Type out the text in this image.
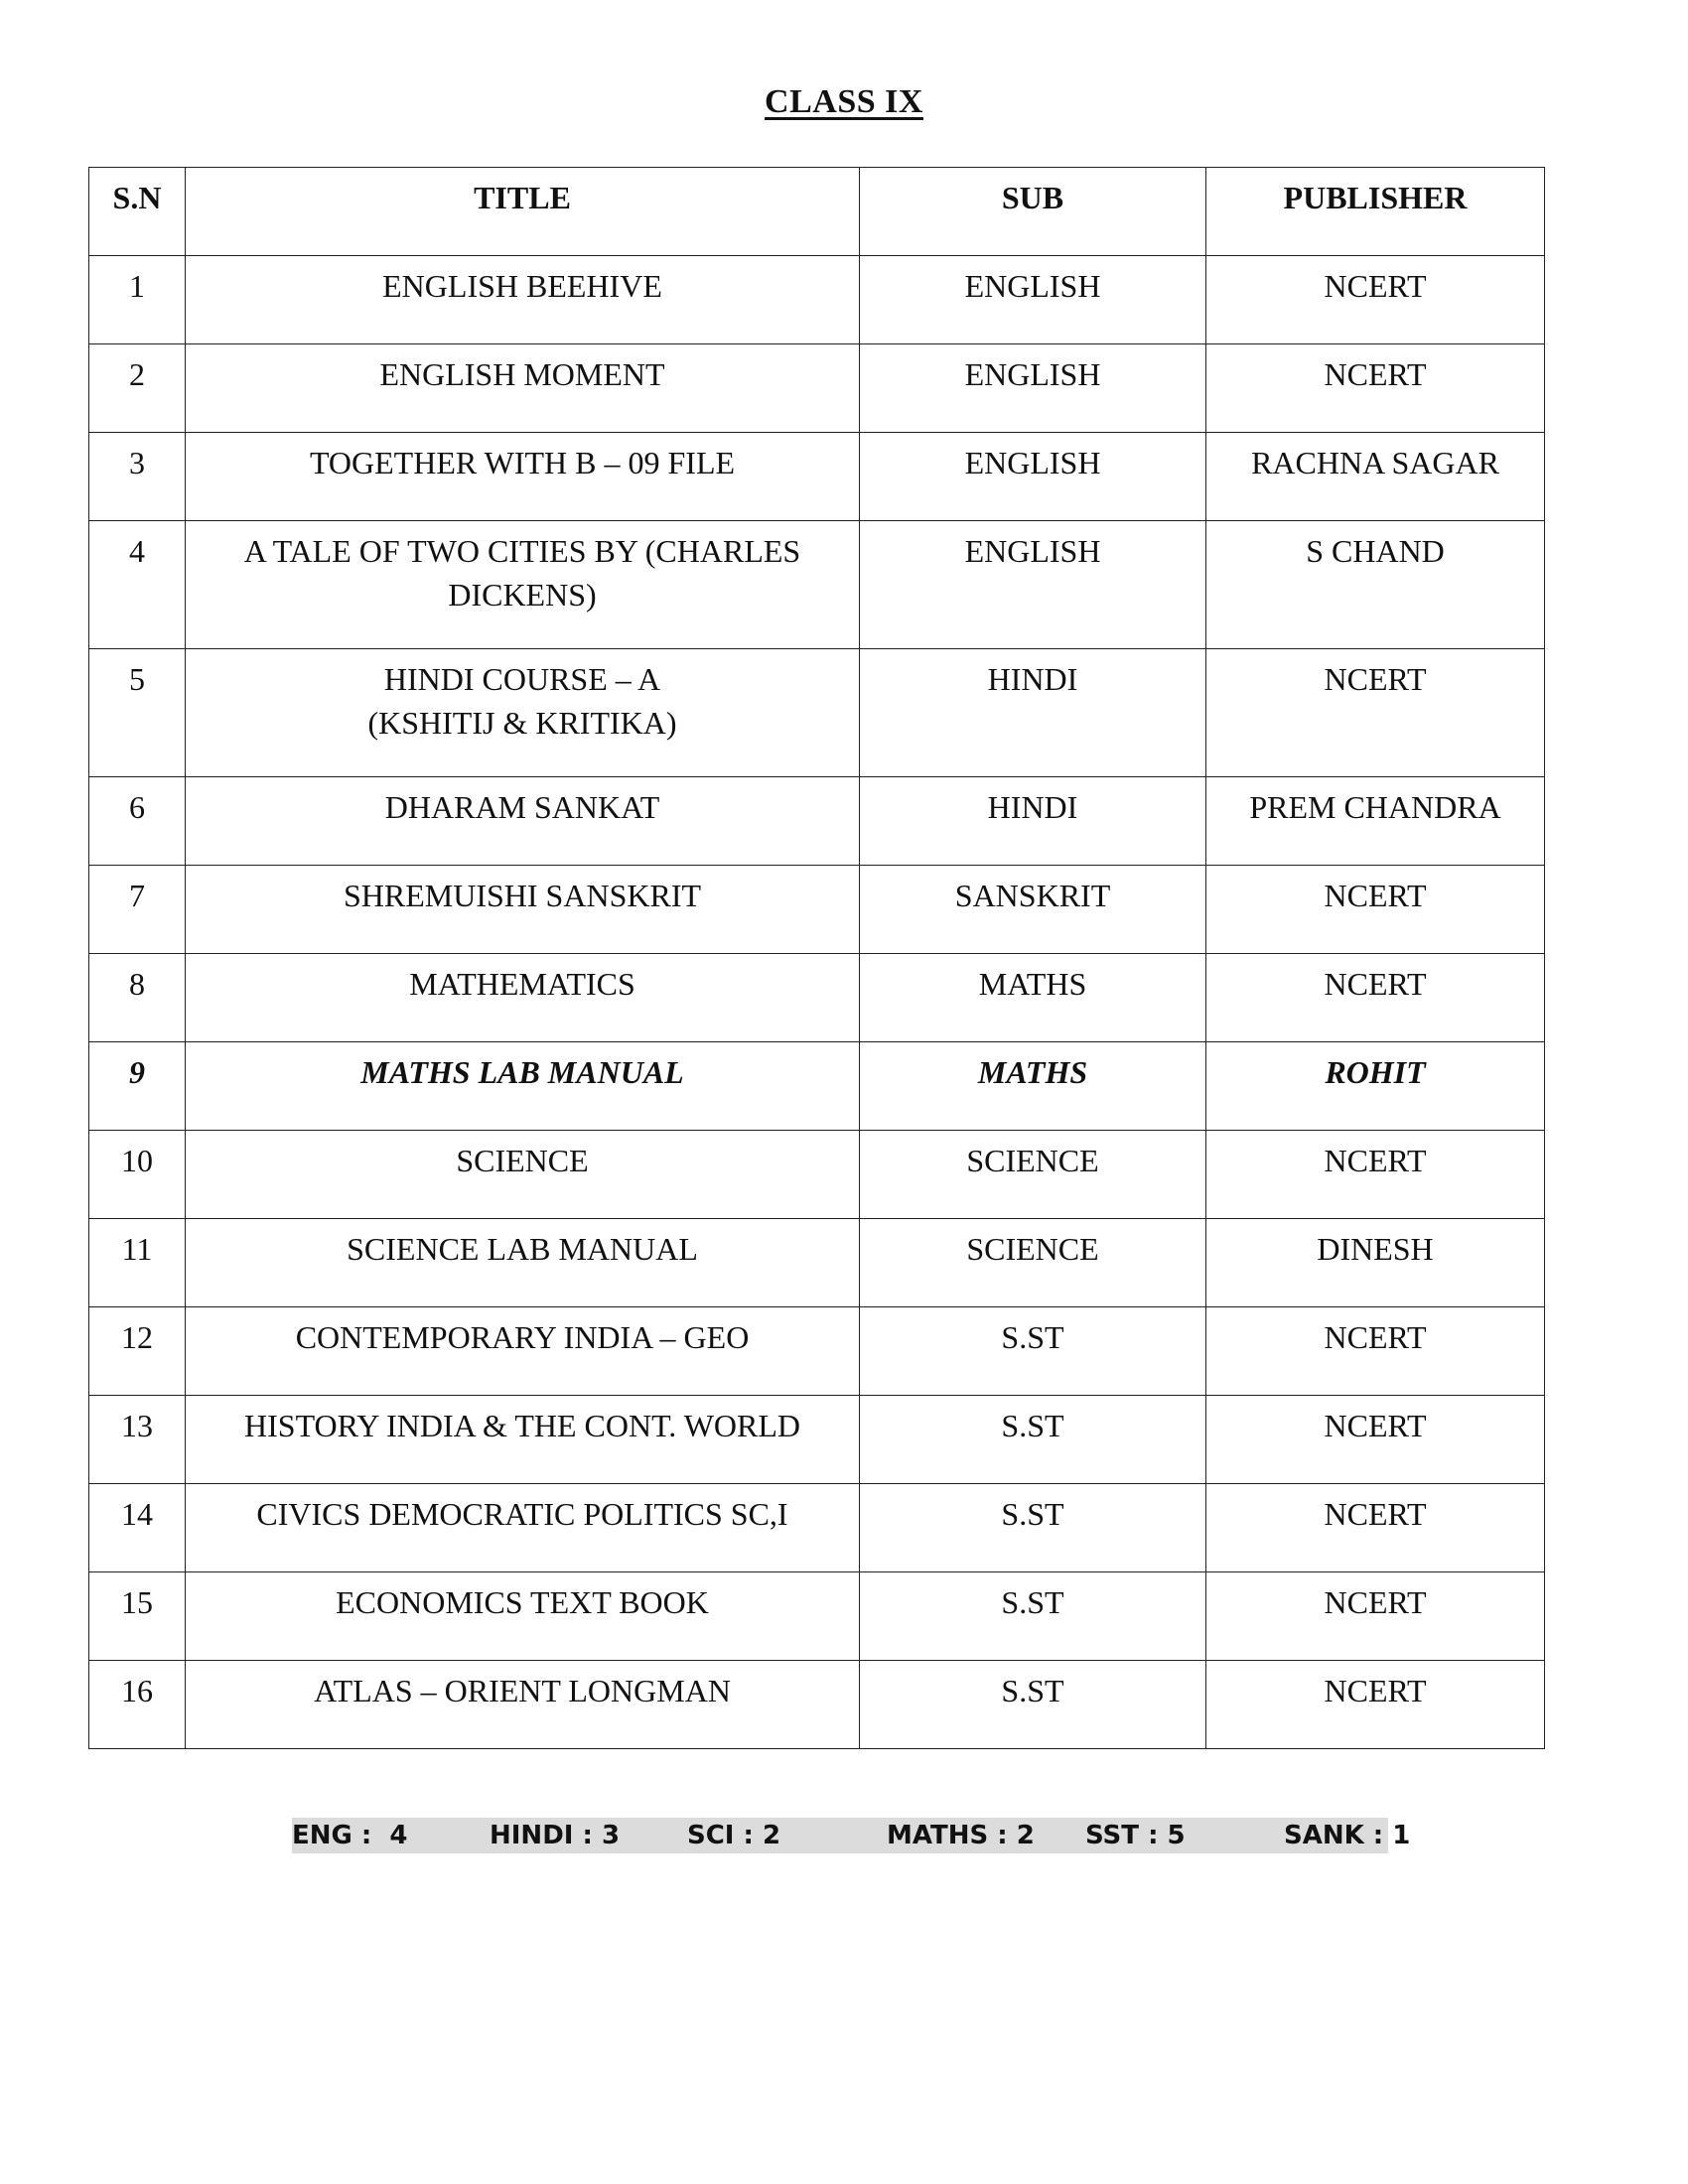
CLASS IX
S.N	TITLE	SUB	PUBLISHER
1	ENGLISH BEEHIVE	ENGLISH	NCERT
2	ENGLISH MOMENT	ENGLISH	NCERT
3	TOGETHER WITH B – 09 FILE	ENGLISH	RACHNA SAGAR
4	A TALE OF TWO CITIES BY (CHARLES DICKENS)	ENGLISH	S CHAND
5	HINDI COURSE – A
(KSHITIJ & KRITIKA)	HINDI	NCERT
6	DHARAM SANKAT	HINDI	PREM CHANDRA
7	SHREMUISHI SANSKRIT	SANSKRIT	NCERT
8	MATHEMATICS	MATHS	NCERT
9	MATHS LAB MANUAL	MATHS	ROHIT
10	SCIENCE	SCIENCE	NCERT
11	SCIENCE LAB MANUAL	SCIENCE	DINESH
12	CONTEMPORARY INDIA – GEO	S.ST	NCERT
13	HISTORY INDIA & THE CONT. WORLD	S.ST	NCERT
14	CIVICS DEMOCRATIC POLITICS SC,I	S.ST	NCERT
15	ECONOMICS TEXT BOOK	S.ST	NCERT
16	ATLAS – ORIENT LONGMAN	S.ST	NCERT
ENG :  4	HINDI : 3	SCI : 2	MATHS : 2 SST : 5	SANK : 1
